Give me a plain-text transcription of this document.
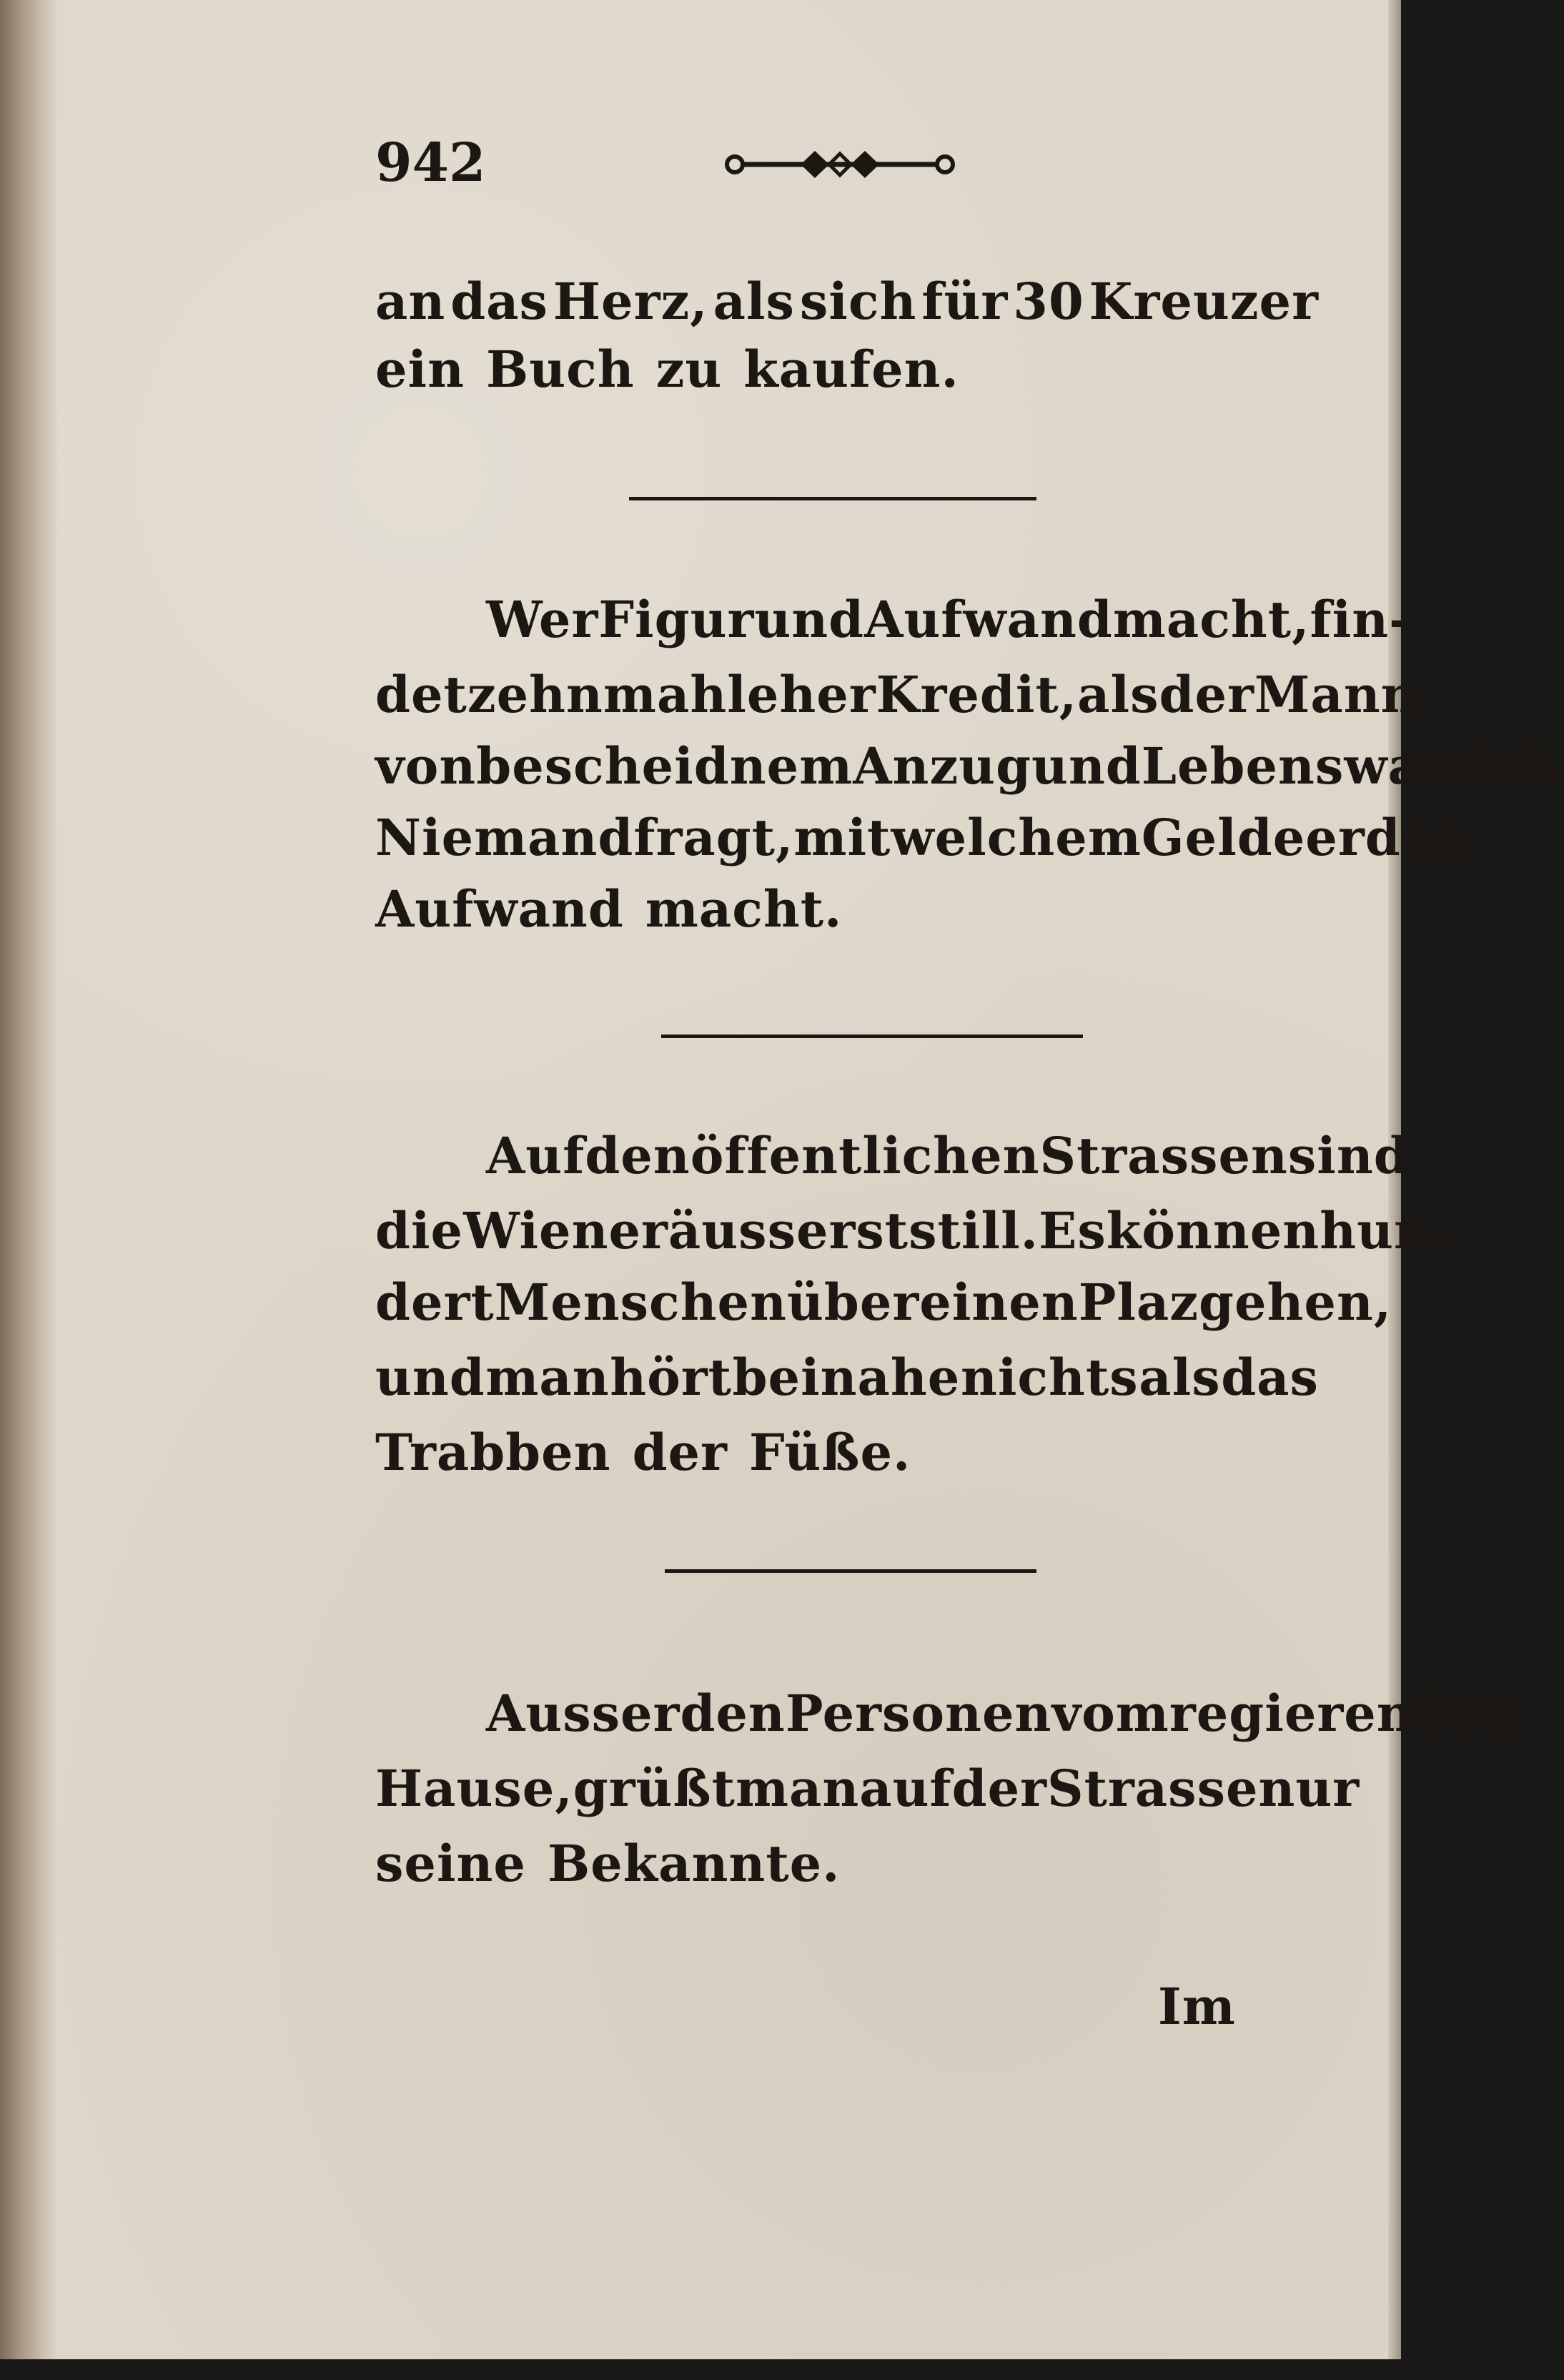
942
an das Herz, als sich für 30 Kreuzer
ein Buch zu kaufen.
Wer Figur und Aufwand macht, fin-
det zehnmahl eher Kredit, als der Mann
von bescheidnem Anzug und Lebenswandel.
Niemand fragt, mit welchem Gelde er den
Aufwand macht.
Auf den öffentlichen Strassen sind
die Wiener äusserst still. Es können hun-
dert Menschen über einen Plaz gehen,
und man hört beinahe nichts als das
Trabben der Füße.
Ausser den Personen vom regierenden
Hause, grüßt man auf der Strasse nur
seine Bekannte.
Im
